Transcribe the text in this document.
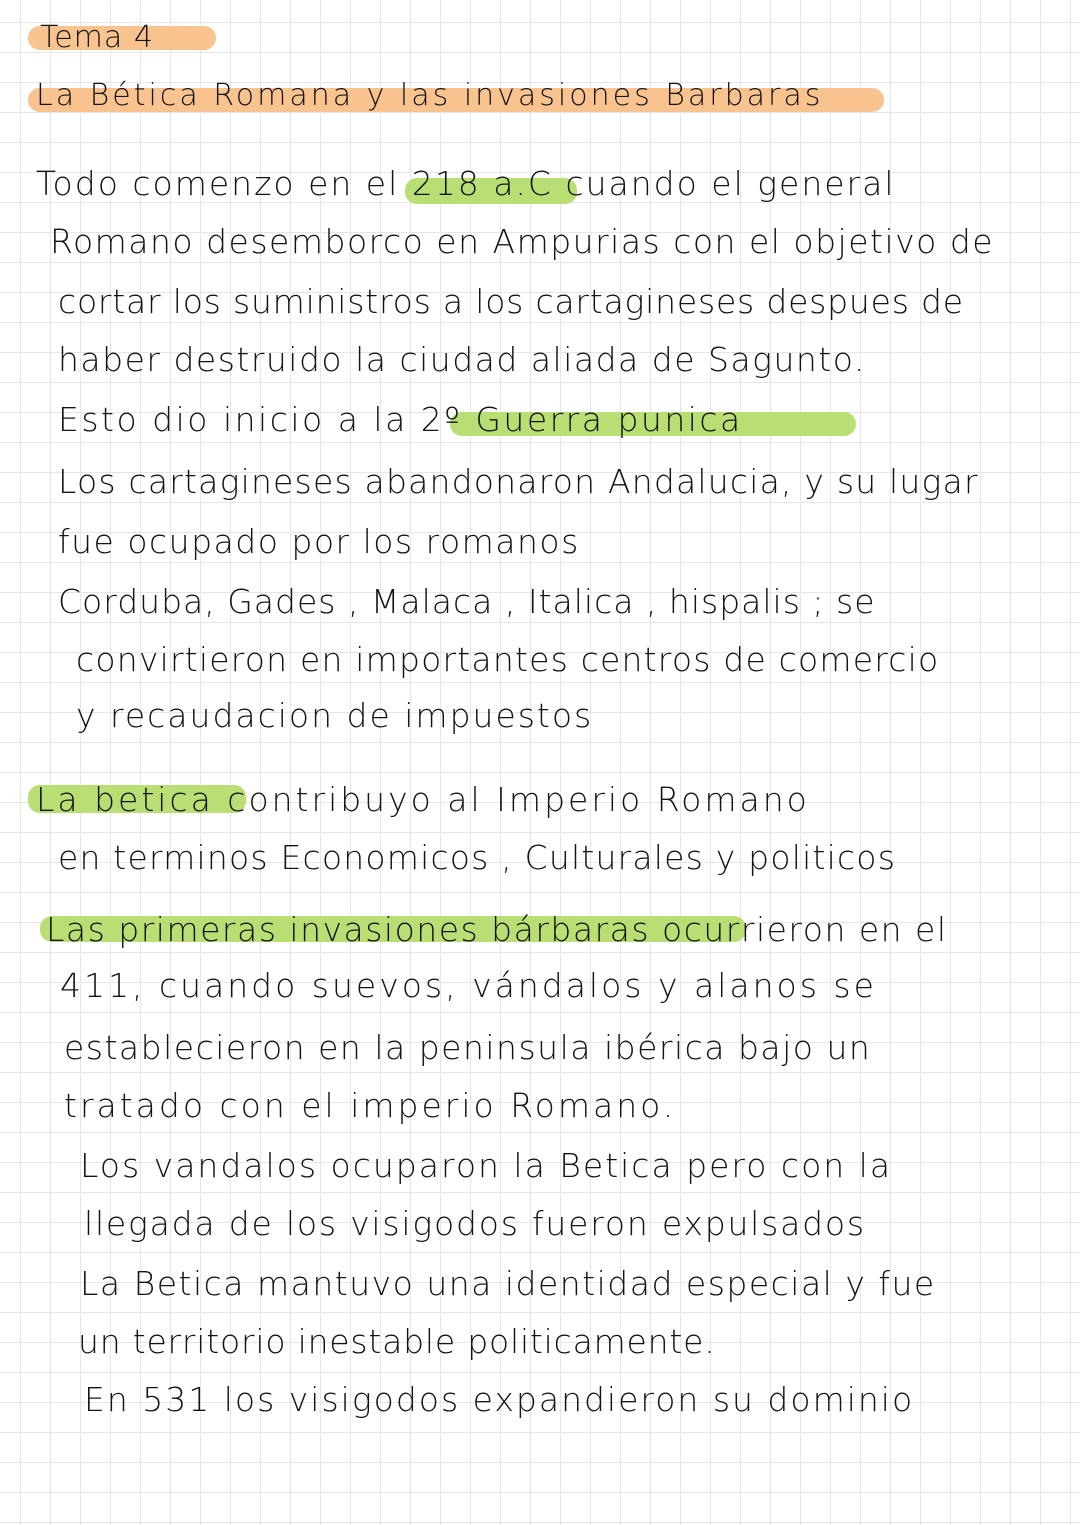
Tema 4
La Bética Romana y las invasiones Barbaras
Todo comenzo en el 218 a.C cuando el general
Romano desemborco en Ampurias con el objetivo de
cortar los suministros a los cartagineses despues de
haber destruido la ciudad aliada de Sagunto.
Esto dio inicio a la 2º Guerra punica
Los cartagineses abandonaron Andalucia, y su lugar
fue ocupado por los romanos
Corduba, Gades , Malaca , Italica , hispalis ; se
convirtieron en importantes centros de comercio
y recaudacion de impuestos
La betica contribuyo al Imperio Romano
en terminos Economicos , Culturales y politicos
Las primeras invasiones bárbaras ocurrieron en el
411, cuando suevos, vándalos y alanos se
establecieron en la peninsula ibérica bajo un
tratado con el imperio Romano.
Los vandalos ocuparon la Betica pero con la
llegada de los visigodos fueron expulsados
La Betica mantuvo una identidad especial y fue
un territorio inestable politicamente.
En 531 los visigodos expandieron su dominio
